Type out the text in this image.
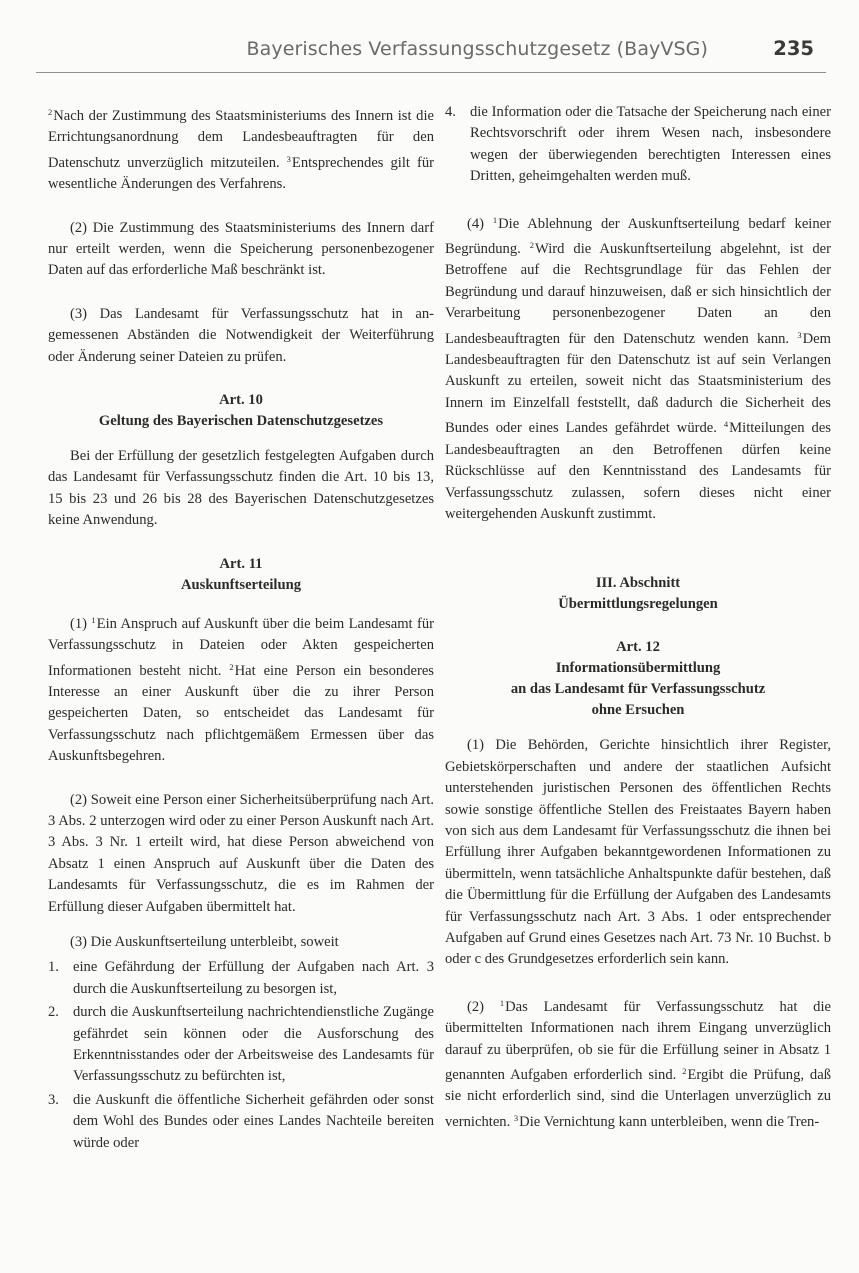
Bayerisches Verfassungsschutzgesetz (BayVSG)	235

$^2$Nach der Zustimmung des Staatsministeriums des Innern ist die Errichtungsanordnung dem Landesbeauftragten für den Datenschutz unverzüglich mitzuteilen. $^3$Entsprechendes gilt für wesentliche Änderungen des Verfahrens.

(2) Die Zustimmung des Staatsministeriums des Innern darf nur erteilt werden, wenn die Speicherung personenbezogener Daten auf das erforderliche Maß beschränkt ist.

(3) Das Landesamt für Verfassungsschutz hat in angemessenen Abständen die Notwendigkeit der Weiterführung oder Änderung seiner Dateien zu prüfen.

Art. 10
Geltung des Bayerischen Datenschutzgesetzes

Bei der Erfüllung der gesetzlich festgelegten Aufgaben durch das Landesamt für Verfassungsschutz finden die Art. 10 bis 13, 15 bis 23 und 26 bis 28 des Bayerischen Datenschutzgesetzes keine Anwendung.

Art. 11
Auskunftserteilung

(1) $^1$Ein Anspruch auf Auskunft über die beim Landesamt für Verfassungsschutz in Dateien oder Akten gespeicherten Informationen besteht nicht. $^2$Hat eine Person ein besonderes Interesse an einer Auskunft über die zu ihrer Person gespeicherten Daten, so entscheidet das Landesamt für Verfassungsschutz nach pflichtgemäßem Ermessen über das Auskunftsbegehren.

(2) Soweit eine Person einer Sicherheitsüberprüfung nach Art. 3 Abs. 2 unterzogen wird oder zu einer Person Auskunft nach Art. 3 Abs. 3 Nr. 1 erteilt wird, hat diese Person abweichend von Absatz 1 einen Anspruch auf Auskunft über die Daten des Landesamts für Verfassungsschutz, die es im Rahmen der Erfüllung dieser Aufgaben übermittelt hat.

(3) Die Auskunftserteilung unterbleibt, soweit

1. eine Gefährdung der Erfüllung der Aufgaben nach Art. 3 durch die Auskunftserteilung zu besorgen ist,
2. durch die Auskunftserteilung nachrichtendienstliche Zugänge gefährdet sein können oder die Ausforschung des Erkenntnisstandes oder der Arbeitsweise des Landesamts für Verfassungsschutz zu befürchten ist,
3. die Auskunft die öffentliche Sicherheit gefährden oder sonst dem Wohl des Bundes oder eines Landes Nachteile bereiten würde oder
4. die Information oder die Tatsache der Speicherung nach einer Rechtsvorschrift oder ihrem Wesen nach, insbesondere wegen der überwiegenden berechtigten Interessen eines Dritten, geheimgehalten werden muß.

(4) $^1$Die Ablehnung der Auskunftserteilung bedarf keiner Begründung. $^2$Wird die Auskunftserteilung abgelehnt, ist der Betroffene auf die Rechtsgrundlage für das Fehlen der Begründung und darauf hinzuweisen, daß er sich hinsichtlich der Verarbeitung personenbezogener Daten an den Landesbeauftragten für den Datenschutz wenden kann. $^3$Dem Landesbeauftragten für den Datenschutz ist auf sein Verlangen Auskunft zu erteilen, soweit nicht das Staatsministerium des Innern im Einzelfall feststellt, daß dadurch die Sicherheit des Bundes oder eines Landes gefährdet würde. $^4$Mitteilungen des Landesbeauftragten an den Betroffenen dürfen keine Rückschlüsse auf den Kenntnisstand des Landesamts für Verfassungsschutz zulassen, sofern dieses nicht einer weitergehenden Auskunft zustimmt.

III. Abschnitt
Übermittlungsregelungen
Art. 12
Informationsübermittlung
an das Landesamt für Verfassungsschutz
ohne Ersuchen

(1) Die Behörden, Gerichte hinsichtlich ihrer Register, Gebietskörperschaften und andere der staatlichen Aufsicht unterstehenden juristischen Personen des öffentlichen Rechts sowie sonstige öffentliche Stellen des Freistaates Bayern haben von sich aus dem Landesamt für Verfassungsschutz die ihnen bei Erfüllung ihrer Aufgaben bekanntgewordenen Informationen zu übermitteln, wenn tatsächliche Anhaltspunkte dafür bestehen, daß die Übermittlung für die Erfüllung der Aufgaben des Landesamts für Verfassungsschutz nach Art. 3 Abs. 1 oder entsprechender Aufgaben auf Grund eines Gesetzes nach Art. 73 Nr. 10 Buchst. b oder c des Grundgesetzes erforderlich sein kann.

(2) $^1$Das Landesamt für Verfassungsschutz hat die übermittelten Informationen nach ihrem Eingang unverzüglich darauf zu überprüfen, ob sie für die Erfüllung seiner in Absatz 1 genannten Aufgaben erforderlich sind. $^2$Ergibt die Prüfung, daß sie nicht erforderlich sind, sind die Unterlagen unverzüglich zu vernichten. $^3$Die Vernichtung kann unterbleiben, wenn die Tren-
